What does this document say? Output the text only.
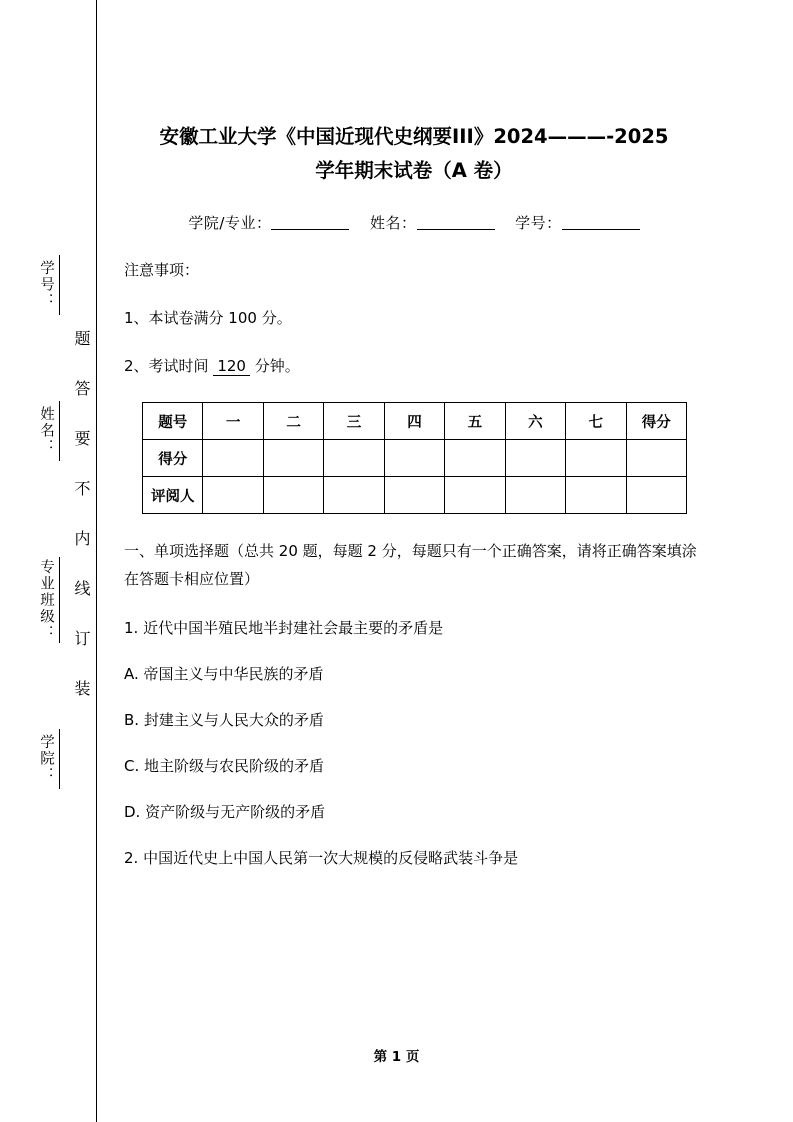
学号：
姓名：
专业班级：
学院：
题答要不内线订装
安徽工业大学《中国近现代史纲要ⅠⅠⅠ》2024———-2025
学年期末试卷（A 卷）
学院/专业：	姓名：	学号：
注意事项：
1、本试卷满分 100 分。
2、考试时间 120 分钟。
题号	一	二	三	四	五	六	七	得分
得分								
评阅人								
一、单项选择题（总共 20 题，每题 2 分，每题只有一个正确答案，请将正确答案填涂在答题卡相应位置）
1. 近代中国半殖民地半封建社会最主要的矛盾是
A. 帝国主义与中华民族的矛盾
B. 封建主义与人民大众的矛盾
C. 地主阶级与农民阶级的矛盾
D. 资产阶级与无产阶级的矛盾
2. 中国近代史上中国人民第一次大规模的反侵略武装斗争是
第 1 页
